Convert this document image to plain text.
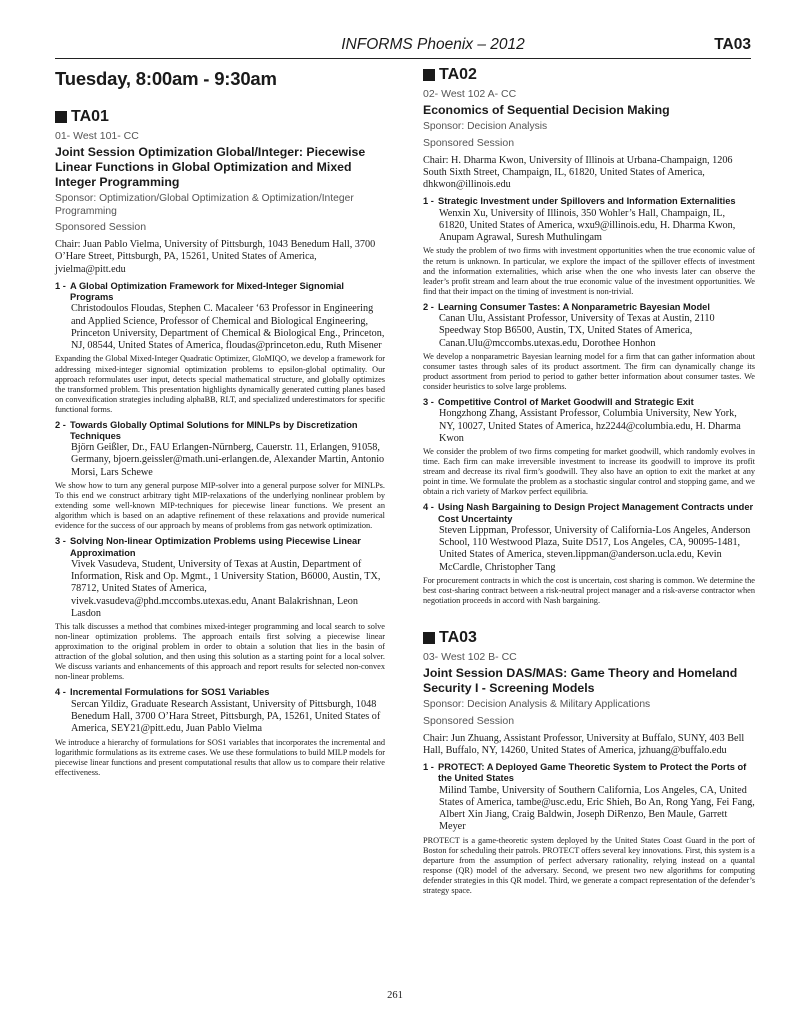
INFORMS Phoenix – 2012	TA03
Tuesday, 8:00am - 9:30am
TA01
01- West 101- CC
Joint Session Optimization Global/Integer: Piecewise Linear Functions in Global Optimization and Mixed Integer Programming
Sponsor: Optimization/Global Optimization & Optimization/Integer Programming
Sponsored Session
Chair: Juan Pablo Vielma, University of Pittsburgh, 1043 Benedum Hall, 3700 O’Hare Street, Pittsburgh, PA, 15261, United States of America, jvielma@pitt.edu
1 - A Global Optimization Framework for Mixed-Integer Signomial Programs
Christodoulos Floudas, Stephen C. Macaleer ‘63 Professor in Engineering and Applied Science, Professor of Chemical and Biological Engineering, Princeton University, Department of Chemical & Biological Eng., Princeton, NJ, 08544, United States of America, floudas@princeton.edu, Ruth Misener
Expanding the Global Mixed-Integer Quadratic Optimizer, GloMIQO, we develop a framework for addressing mixed-integer signomial optimization problems to epsilon-global optimality. Our approach reformulates user input, detects special mathematical structure, and globally optimizes the transformed problem. This presentation highlights dynamically generated cutting planes based on convexification strategies including alphaBB, RLT, and specialized underestimators for specific functional forms.
2 - Towards Globally Optimal Solutions for MINLPs by Discretization Techniques
Björn Geißler, Dr., FAU Erlangen-Nürnberg, Cauerstr. 11, Erlangen, 91058, Germany, bjoern.geissler@math.uni-erlangen.de, Alexander Martin, Antonio Morsi, Lars Schewe
We show how to turn any general purpose MIP-solver into a general purpose solver for MINLPs. To this end we construct arbitrary tight MIP-relaxations of the underlying nonlinear problem by extending some well-known MIP-techniques for piecewise linear functions. We present an algorithm which is based on an adaptive refinement of these relaxations and provide numerical evidence for the success of our approach by means of problems from gas network optimization.
3 - Solving Non-linear Optimization Problems using Piecewise Linear Approximation
Vivek Vasudeva, Student, University of Texas at Austin, Department of Information, Risk and Op. Mgmt., 1 University Station, B6000, Austin, TX, 78712, United States of America, vivek.vasudeva@phd.mccombs.utexas.edu, Anant Balakrishnan, Leon Lasdon
This talk discusses a method that combines mixed-integer programming and local search to solve non-linear optimization problems. The approach entails first solving a piecewise linear approximation to the original problem in order to obtain a solution that lies in the basin of attraction of the global solution, and then using this solution as a starting point for a local solver. We discuss variants and enhancements of this approach and report results for selected non-convex non-linear problems.
4 - Incremental Formulations for SOS1 Variables
Sercan Yildiz, Graduate Research Assistant, University of Pittsburgh, 1048 Benedum Hall, 3700 O’Hara Street, Pittsburgh, PA, 15261, United States of America, SEY21@pitt.edu, Juan Pablo Vielma
We introduce a hierarchy of formulations for SOS1 variables that incorporates the incremental and logarithmic formulations as its extreme cases. We use these formulations to build MILP models for piecewise linear functions and present computational results that allow us to compare their relative effectiveness.
TA02
02- West 102 A- CC
Economics of Sequential Decision Making
Sponsor: Decision Analysis
Sponsored Session
Chair: H. Dharma Kwon, University of Illinois at Urbana-Champaign, 1206 South Sixth Street, Champaign, IL, 61820, United States of America, dhkwon@illinois.edu
1 - Strategic Investment under Spillovers and Information Externalities
Wenxin Xu, University of Illinois, 350 Wohler’s Hall, Champaign, IL, 61820, United States of America, wxu9@illinois.edu, H. Dharma Kwon, Anupam Agrawal, Suresh Muthulingam
We study the problem of two firms with investment opportunities when the true economic value of the return is unknown. In particular, we explore the impact of the spillover effects of investment and the information externalities, which arise when the one who invests later can observe the leader’s profit stream and learn about the true economic value of the investment opportunities. We find that their impact on the timing of investment is non-trivial.
2 - Learning Consumer Tastes: A Nonparametric Bayesian Model
Canan Ulu, Assistant Professor, University of Texas at Austin, 2110 Speedway Stop B6500, Austin, TX, United States of America, Canan.Ulu@mccombs.utexas.edu, Dorothee Honhon
We develop a nonparametric Bayesian learning model for a firm that can gather information about consumer tastes through sales of its product assortment. The firm can dynamically change its product assortment from period to period to gather better information about consumer tastes. We consider heuristics to solve large problems.
3 - Competitive Control of Market Goodwill and Strategic Exit
Hongzhong Zhang, Assistant Professor, Columbia University, New York, NY, 10027, United States of America, hz2244@columbia.edu, H. Dharma Kwon
We consider the problem of two firms competing for market goodwill, which randomly evolves in time. Each firm can make irreversible investment to increase its goodwill to improve its profit stream and decrease its rival firm’s goodwill. They also have an option to exit the market at any point in time. We formulate the problem as a stochastic singular control and stopping game, and we obtain a rich variety of Markov perfect equilibria.
4 - Using Nash Bargaining to Design Project Management Contracts under Cost Uncertainty
Steven Lippman, Professor, University of California-Los Angeles, Anderson School, 110 Westwood Plaza, Suite D517, Los Angeles, CA, 90095-1481, United States of America, steven.lippman@anderson.ucla.edu, Kevin McCardle, Christopher Tang
For procurement contracts in which the cost is uncertain, cost sharing is common. We determine the best cost-sharing contract between a risk-neutral project manager and a risk-averse contractor when negotiation proceeds in accord with Nash bargaining.
TA03
03- West 102 B- CC
Joint Session DAS/MAS: Game Theory and Homeland Security I - Screening Models
Sponsor: Decision Analysis & Military Applications
Sponsored Session
Chair: Jun Zhuang, Assistant Professor, University at Buffalo, SUNY, 403 Bell Hall, Buffalo, NY, 14260, United States of America, jzhuang@buffalo.edu
1 - PROTECT: A Deployed Game Theoretic System to Protect the Ports of the United States
Milind Tambe, University of Southern California, Los Angeles, CA, United States of America, tambe@usc.edu, Eric Shieh, Bo An, Rong Yang, Fei Fang, Albert Xin Jiang, Craig Baldwin, Joseph DiRenzo, Ben Maule, Garrett Meyer
PROTECT is a game-theoretic system deployed by the United States Coast Guard in the port of Boston for scheduling their patrols. PROTECT offers several key innovations. First, this system is a departure from the assumption of perfect adversary rationality, relying instead on a quantal response (QR) model of the adversary. Second, we present two new algorithms for computing defender strategies in this QR model. Third, we generate a compact representation of the defender’s strategy space.
261
